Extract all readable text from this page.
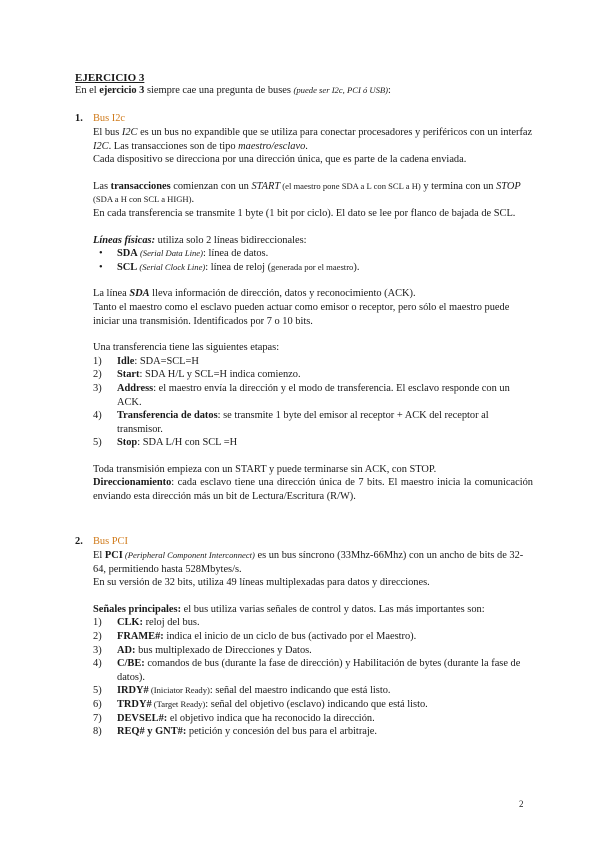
EJERCICIO 3
En el ejercicio 3 siempre cae una pregunta de buses (puede ser I2c, PCI ó USB):
1. Bus I2c

El bus I2C es un bus no expandible que se utiliza para conectar procesadores y periféricos con un interfaz I2C. Las transacciones son de tipo maestro/esclavo.

Cada dispositivo se direcciona por una dirección única, que es parte de la cadena enviada.

Las transacciones comienzan con un START (el maestro pone SDA a L con SCL a H) y termina con un STOP (SDA a H con SCL a HIGH).

En cada transferencia se transmite 1 byte (1 bit por ciclo). El dato se lee por flanco de bajada de SCL.

Líneas físicas: utiliza solo 2 líneas bidireccionales:

• SDA (Serial Data Line): línea de datos.
• SCL (Serial Clock Line): línea de reloj (generada por el maestro).

La línea SDA lleva información de dirección, datos y reconocimiento (ACK).

Tanto el maestro como el esclavo pueden actuar como emisor o receptor, pero sólo el maestro puede iniciar una transmisión. Identificados por 7 o 10 bits.

Una transferencia tiene las siguientes etapas:

1) Idle: SDA=SCL=H
2) Start: SDA H/L y SCL=H indica comienzo.
3) Address: el maestro envía la dirección y el modo de transferencia. El esclavo responde con un ACK.
4) Transferencia de datos: se transmite 1 byte del emisor al receptor + ACK del receptor al transmisor.
5) Stop: SDA L/H con SCL =H

Toda transmisión empieza con un START y puede terminarse sin ACK, con STOP.

Direccionamiento: cada esclavo tiene una dirección única de 7 bits. El maestro inicia la comunicación enviando esta dirección más un bit de Lectura/Escritura (R/W).

2. Bus PCI

El PCI (Peripheral Component Interconnect) es un bus síncrono (33Mhz-66Mhz) con un ancho de bits de 32-64, permitiendo hasta 528Mbytes/s.

En su versión de 32 bits, utiliza 49 líneas multiplexadas para datos y direcciones.

Señales principales: el bus utiliza varias señales de control y datos. Las más importantes son:

1) CLK: reloj del bus.
2) FRAME#: indica el inicio de un ciclo de bus (activado por el Maestro).
3) AD: bus multiplexado de Direcciones y Datos.
4) C/BE: comandos de bus (durante la fase de dirección) y Habilitación de bytes (durante la fase de datos).
5) IRDY# (Iniciator Ready): señal del maestro indicando que está listo.
6) TRDY# (Target Ready): señal del objetivo (esclavo) indicando que está listo.
7) DEVSEL#: el objetivo indica que ha reconocido la dirección.
8) REQ# y GNT#: petición y concesión del bus para el arbitraje.
2
